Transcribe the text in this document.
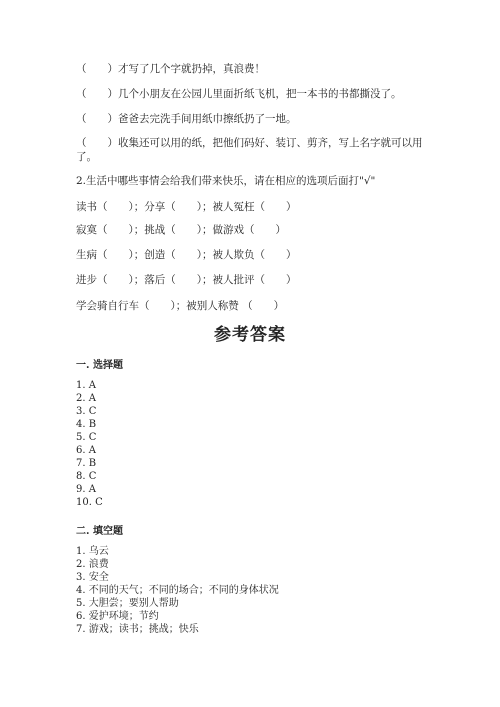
（　　）才写了几个字就扔掉，真浪费！
（　　）几个小朋友在公园儿里面折纸飞机，把一本书的书都撕没了。
（　　）爸爸去完洗手间用纸巾擦纸扔了一地。
（　　）收集还可以用的纸，把他们码好、装订、剪齐，写上名字就可以用了。
2.生活中哪些事情会给我们带来快乐，请在相应的选项后面打"√"
读书（　　）；分享（　　）；被人冤枉（　　）
寂寞（　　）；挑战（　　）；做游戏（　　）
生病（　　）；创造（　　）；被人欺负（　　）
进步（　　）；落后（　　）；被人批评（　　）
学会骑自行车（　　）；被别人称赞 （　　）
参考答案
一. 选择题
1. A
2. A
3. C
4. B
5. C
6. A
7. B
8. C
9. A
10. C
二. 填空题
1. 乌云
2. 浪费
3. 安全
4. 不同的天气；不同的场合；不同的身体状况
5. 大胆尝；要别人帮助
6. 爱护环境；节约
7. 游戏；读书；挑战；快乐
